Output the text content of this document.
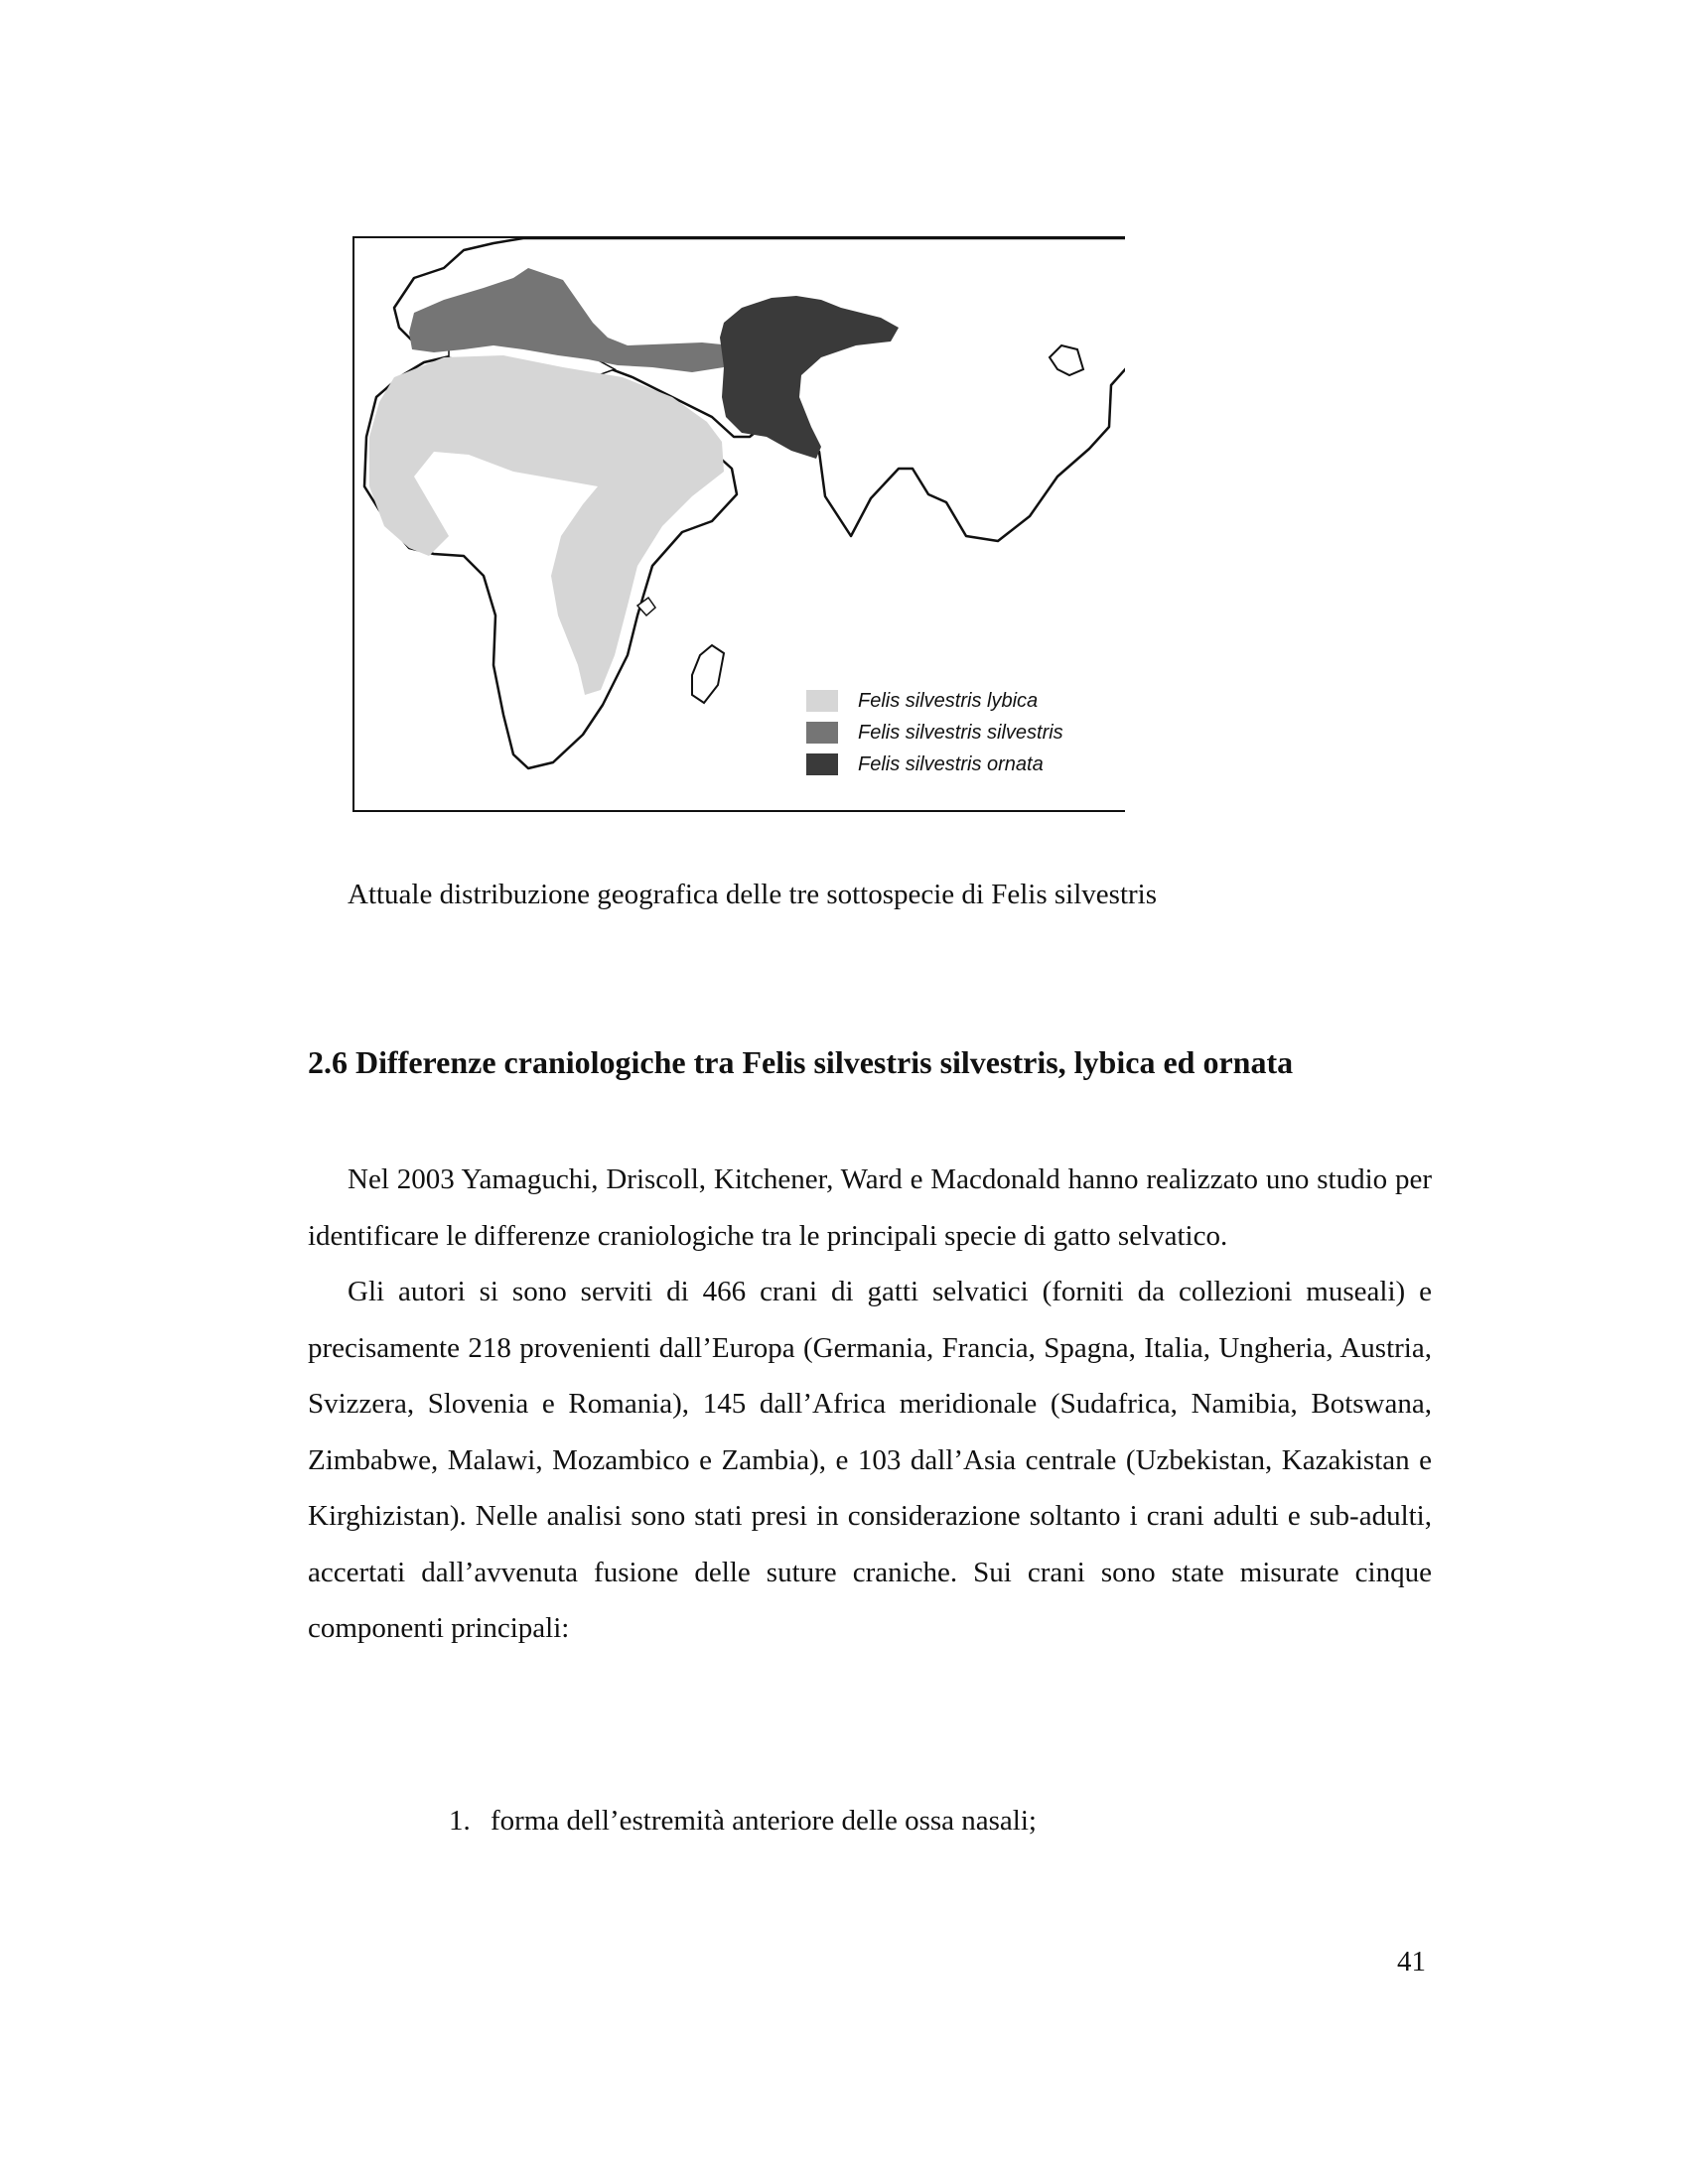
Felis silvestris lybica
Felis silvestris silvestris
Felis silvestris ornata
Attuale distribuzione geografica delle tre sottospecie di Felis silvestris
2.6 Differenze craniologiche tra Felis silvestris silvestris, lybica ed ornata

Nel 2003 Yamaguchi, Driscoll, Kitchener, Ward e Macdonald hanno realizzato uno studio per identificare le differenze craniologiche tra le principali specie di gatto selvatico.

Gli autori si sono serviti di 466 crani di gatti selvatici (forniti da collezioni museali) e precisamente 218 provenienti dall’Europa (Germania, Francia, Spagna, Italia, Ungheria, Austria, Svizzera, Slovenia e Romania), 145 dall’Africa meridionale (Sudafrica, Namibia, Botswana, Zimbabwe, Malawi, Mozambico e Zambia), e 103 dall’Asia centrale (Uzbekistan, Kazakistan e Kirghizistan). Nelle analisi sono stati presi in considerazione soltanto i crani adulti e sub-adulti, accertati dall’avvenuta fusione delle suture craniche. Sui crani sono state misurate cinque componenti principali:

1. forma dell’estremità anteriore delle ossa nasali;
41
